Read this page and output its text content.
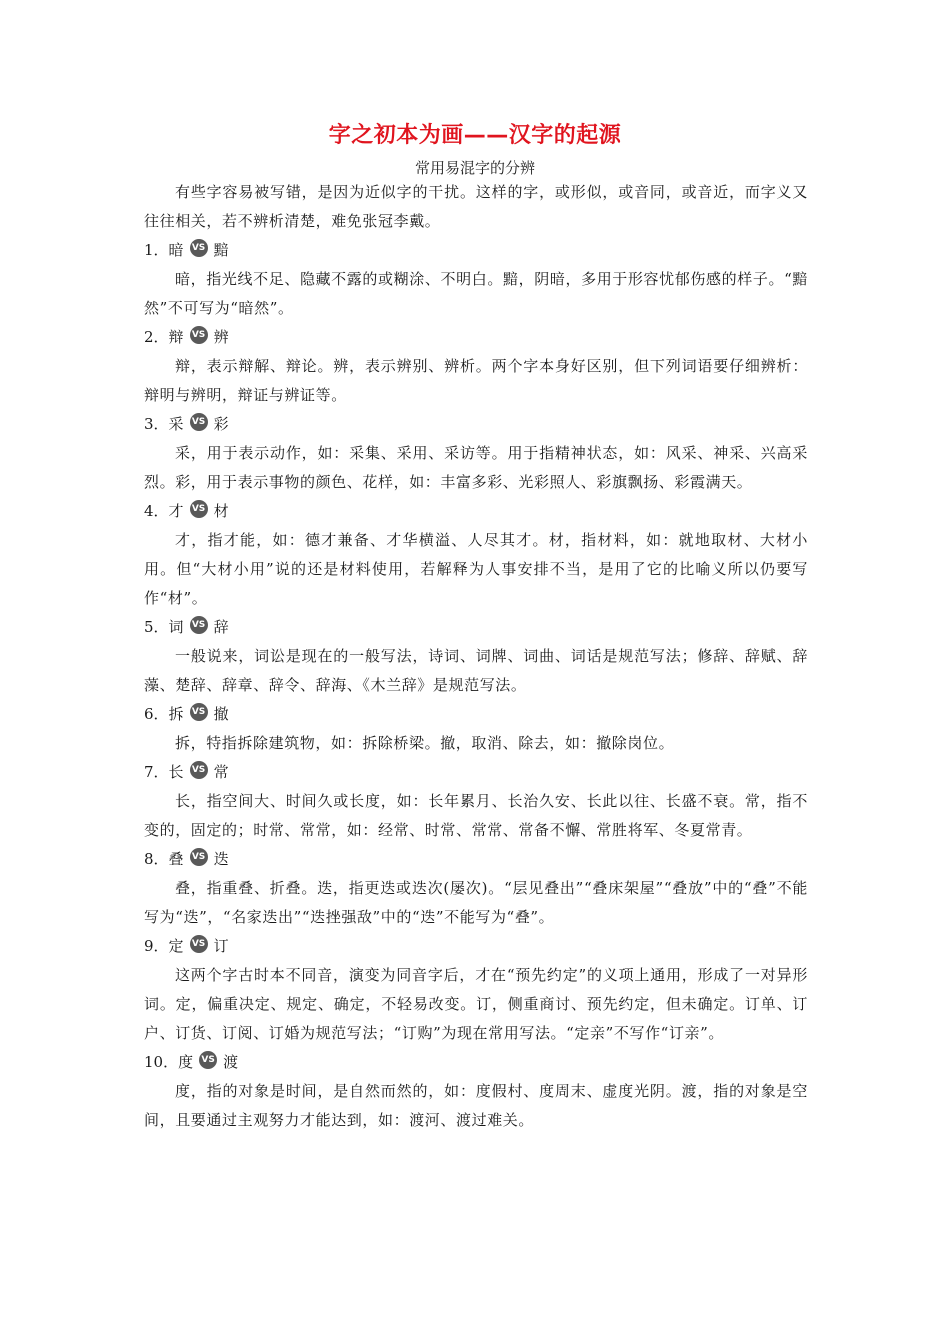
字之初本为画——汉字的起源
常用易混字的分辨

有些字容易被写错，是因为近似字的干扰。这样的字，或形似，或音同，或音近，而字义又往往相关，若不辨析清楚，难免张冠李戴。

1． 暗 VS 黯

暗，指光线不足、隐藏不露的或糊涂、不明白。黯，阴暗，多用于形容忧郁伤感的样子。“黯然”不可写为“暗然”。

2． 辩 VS 辨

辩，表示辩解、辩论。辨，表示辨别、辨析。两个字本身好区别，但下列词语要仔细辨析：辩明与辨明，辩证与辨证等。

3． 采 VS 彩

采，用于表示动作，如：采集、采用、采访等。用于指精神状态，如：风采、神采、兴高采烈。彩，用于表示事物的颜色、花样，如：丰富多彩、光彩照人、彩旗飘扬、彩霞满天。

4． 才 VS 材

才，指才能，如：德才兼备、才华横溢、人尽其才。材，指材料，如：就地取材、大材小用。但“大材小用”说的还是材料使用，若解释为人事安排不当，是用了它的比喻义所以仍要写作“材”。

5． 词 VS 辞

一般说来，词讼是现在的一般写法，诗词、词牌、词曲、词话是规范写法；修辞、辞赋、辞藻、楚辞、辞章、辞令、辞海、《木兰辞》是规范写法。

6． 拆 VS 撤

拆，特指拆除建筑物，如：拆除桥梁。撤，取消、除去，如：撤除岗位。

7． 长 VS 常

长，指空间大、时间久或长度，如：长年累月、长治久安、长此以往、长盛不衰。常，指不变的，固定的；时常、常常，如：经常、时常、常常、常备不懈、常胜将军、冬夏常青。

8． 叠 VS 迭

叠，指重叠、折叠。迭，指更迭或迭次(屡次)。“层见叠出”“叠床架屋”“叠放”中的“叠”不能写为“迭”，“名家迭出”“迭挫强敌”中的“迭”不能写为“叠”。

9． 定 VS 订

这两个字古时本不同音，演变为同音字后，才在“预先约定”的义项上通用，形成了一对异形词。定，偏重决定、规定、确定，不轻易改变。订，侧重商讨、预先约定，但未确定。订单、订户、订货、订阅、订婚为规范写法；“订购”为现在常用写法。“定亲”不写作“订亲”。

10． 度 VS 渡

度，指的对象是时间，是自然而然的，如：度假村、度周末、虚度光阴。渡，指的对象是空间，且要通过主观努力才能达到，如：渡河、渡过难关。
